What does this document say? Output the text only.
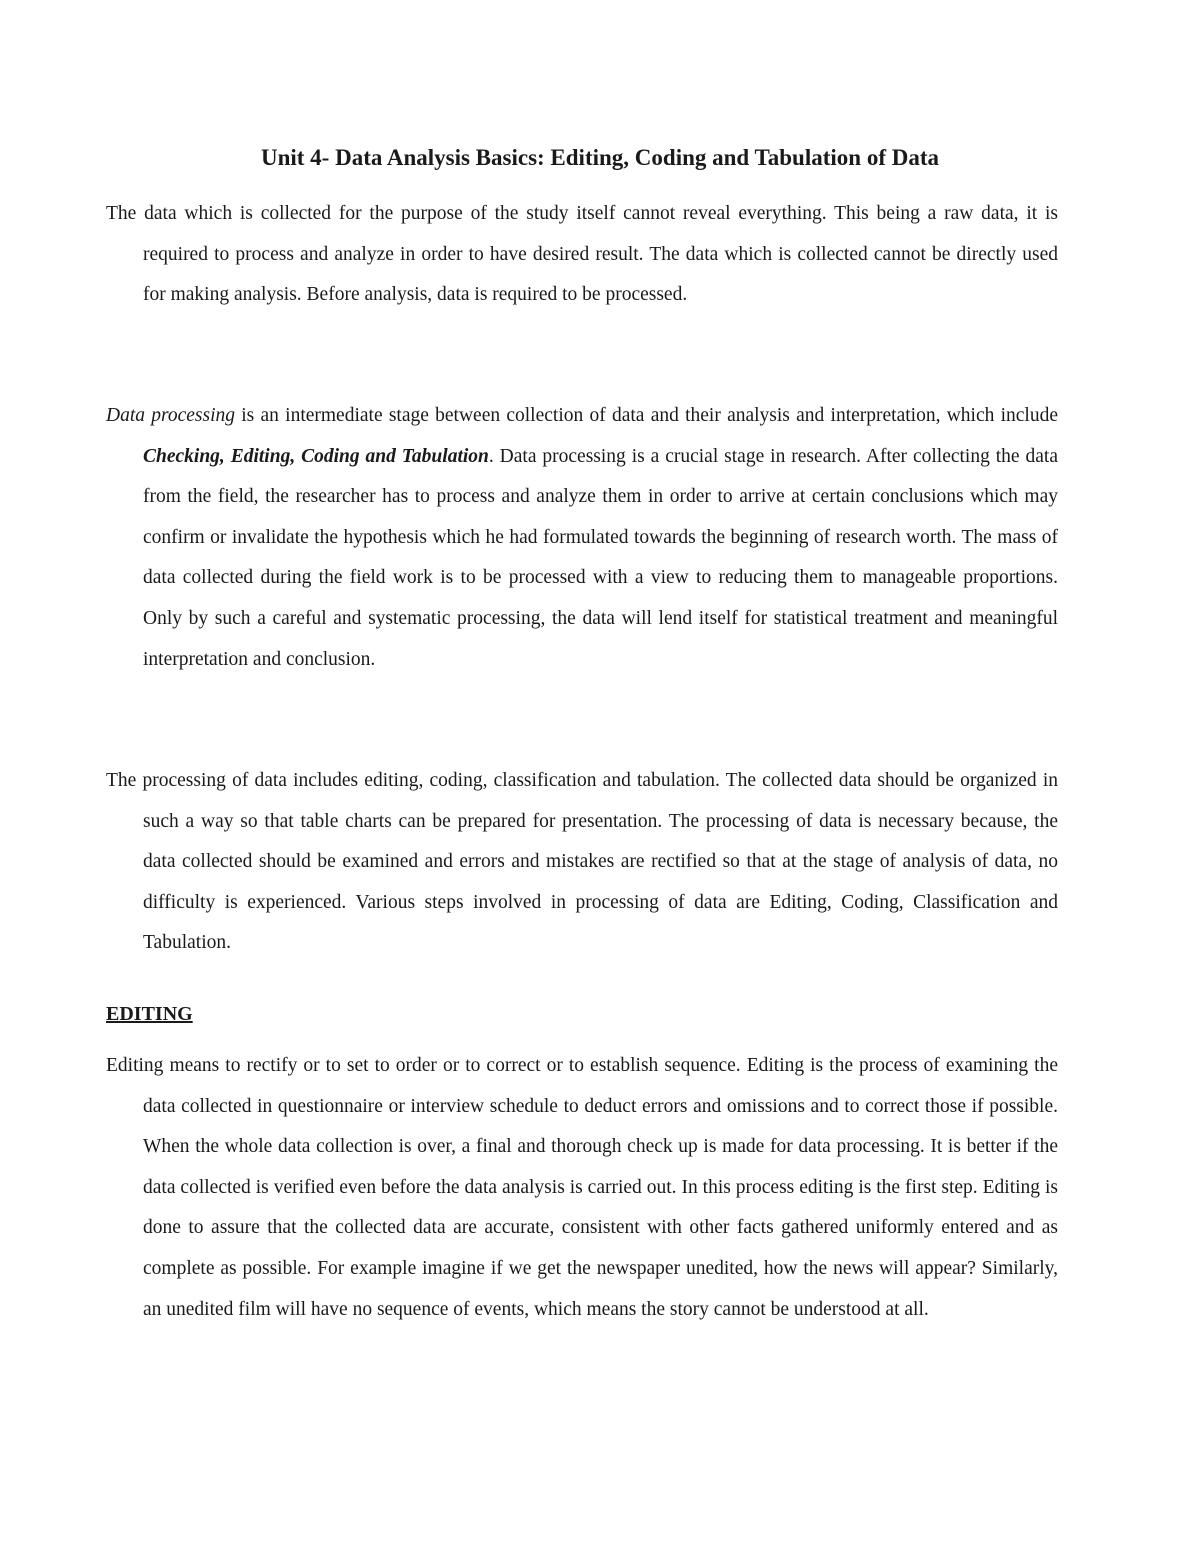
Unit 4- Data Analysis Basics: Editing, Coding and Tabulation of Data

The data which is collected for the purpose of the study itself cannot reveal everything. This being a raw data, it is required to process and analyze in order to have desired result. The data which is collected cannot be directly used for making analysis. Before analysis, data is required to be processed.

Data processing is an intermediate stage between collection of data and their analysis and interpretation, which include Checking, Editing, Coding and Tabulation. Data processing is a crucial stage in research. After collecting the data from the field, the researcher has to process and analyze them in order to arrive at certain conclusions which may confirm or invalidate the hypothesis which he had formulated towards the beginning of research worth. The mass of data collected during the field work is to be processed with a view to reducing them to manageable proportions. Only by such a careful and systematic processing, the data will lend itself for statistical treatment and meaningful interpretation and conclusion.

The processing of data includes editing, coding, classification and tabulation. The collected data should be organized in such a way so that table charts can be prepared for presentation. The processing of data is necessary because, the data collected should be examined and errors and mistakes are rectified so that at the stage of analysis of data, no difficulty is experienced. Various steps involved in processing of data are Editing, Coding, Classification and Tabulation.

EDITING

Editing means to rectify or to set to order or to correct or to establish sequence. Editing is the process of examining the data collected in questionnaire or interview schedule to deduct errors and omissions and to correct those if possible. When the whole data collection is over, a final and thorough check up is made for data processing. It is better if the data collected is verified even before the data analysis is carried out. In this process editing is the first step. Editing is done to assure that the collected data are accurate, consistent with other facts gathered uniformly entered and as complete as possible. For example imagine if we get the newspaper unedited, how the news will appear? Similarly, an unedited film will have no sequence of events, which means the story cannot be understood at all.
